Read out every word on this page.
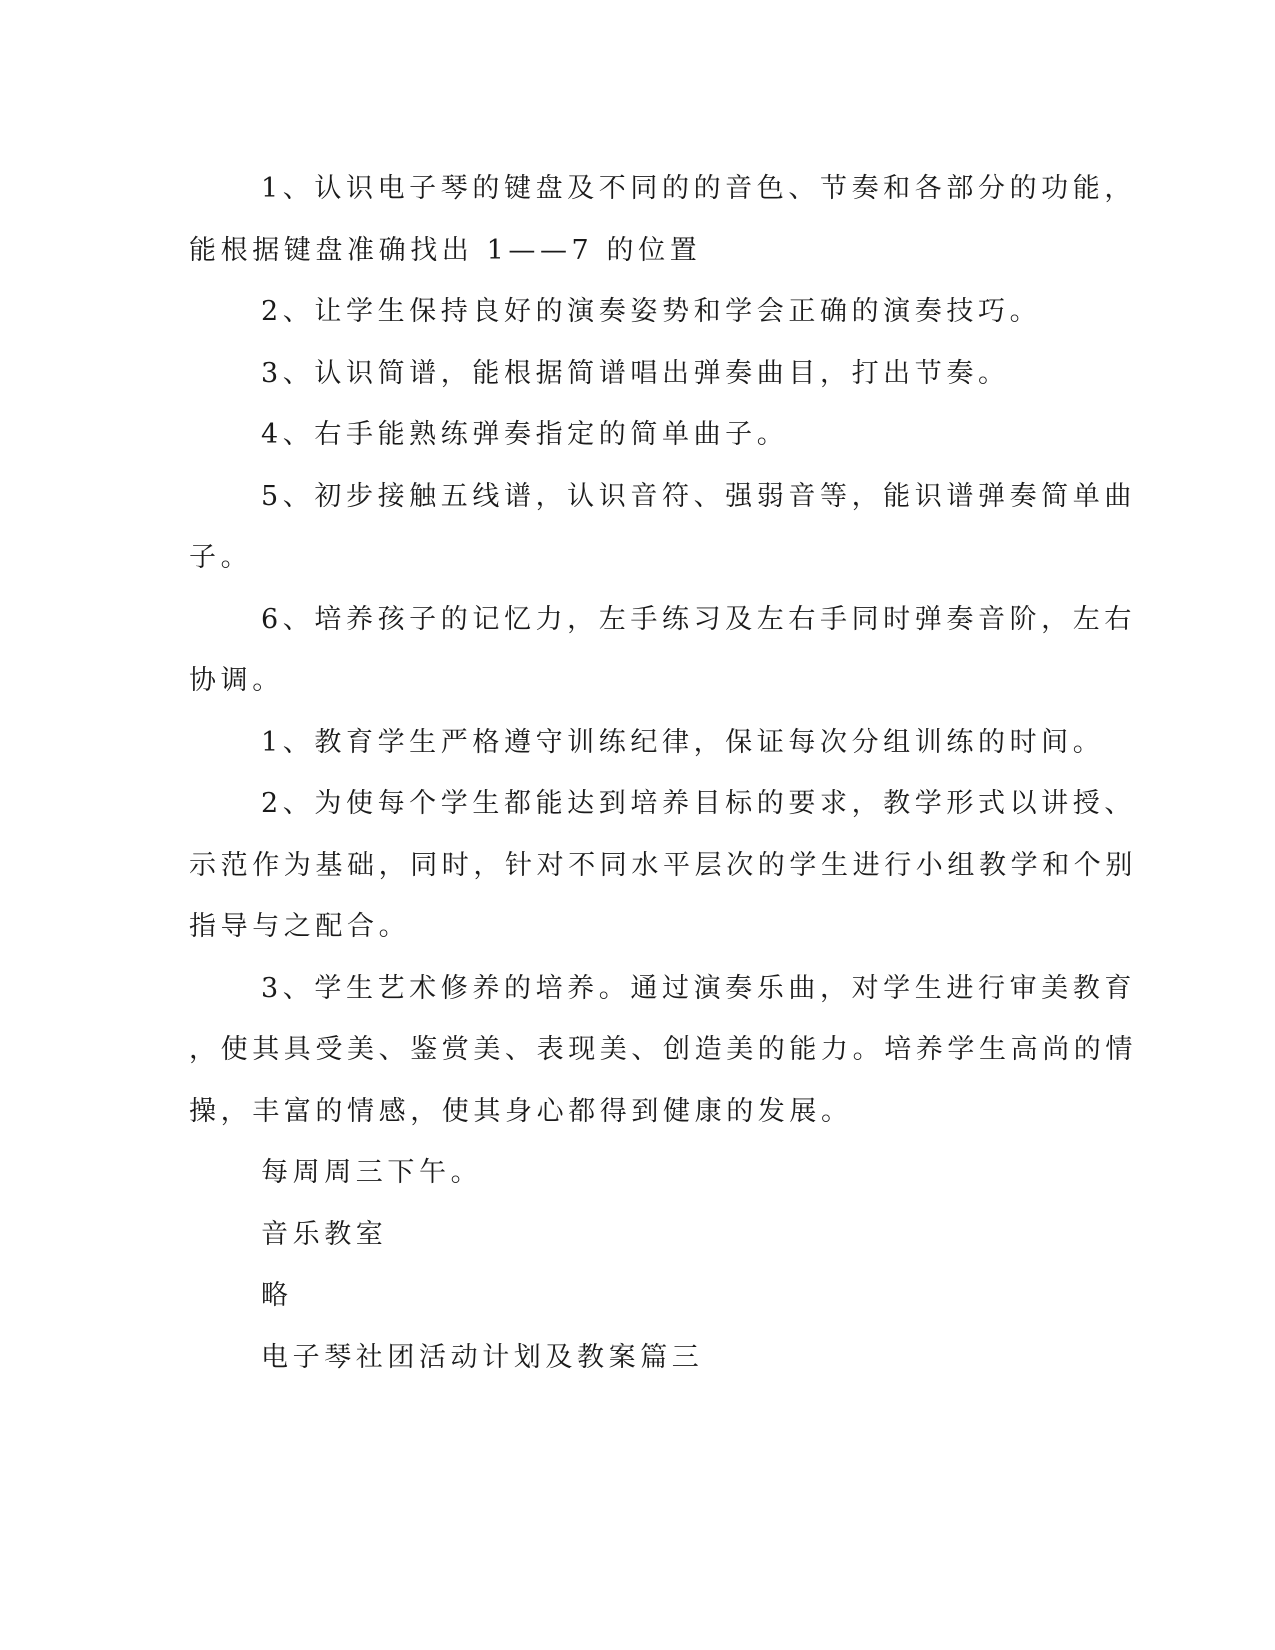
1、认识电子琴的键盘及不同的的音色、节奏和各部分的功能，
能根据键盘准确找出 1——7 的位置

2、让学生保持良好的演奏姿势和学会正确的演奏技巧。

3、认识简谱，能根据简谱唱出弹奏曲目，打出节奏。

4、右手能熟练弹奏指定的简单曲子。

5、初步接触五线谱，认识音符、强弱音等，能识谱弹奏简单曲
子。

6、培养孩子的记忆力，左手练习及左右手同时弹奏音阶，左右
协调。

1、教育学生严格遵守训练纪律，保证每次分组训练的时间。

2、为使每个学生都能达到培养目标的要求，教学形式以讲授、
示范作为基础，同时，针对不同水平层次的学生进行小组教学和个别
指导与之配合。

3、学生艺术修养的培养。通过演奏乐曲，对学生进行审美教育
，使其具受美、鉴赏美、表现美、创造美的能力。培养学生高尚的情
操，丰富的情感，使其身心都得到健康的发展。

每周周三下午。

音乐教室

略

电子琴社团活动计划及教案篇三
